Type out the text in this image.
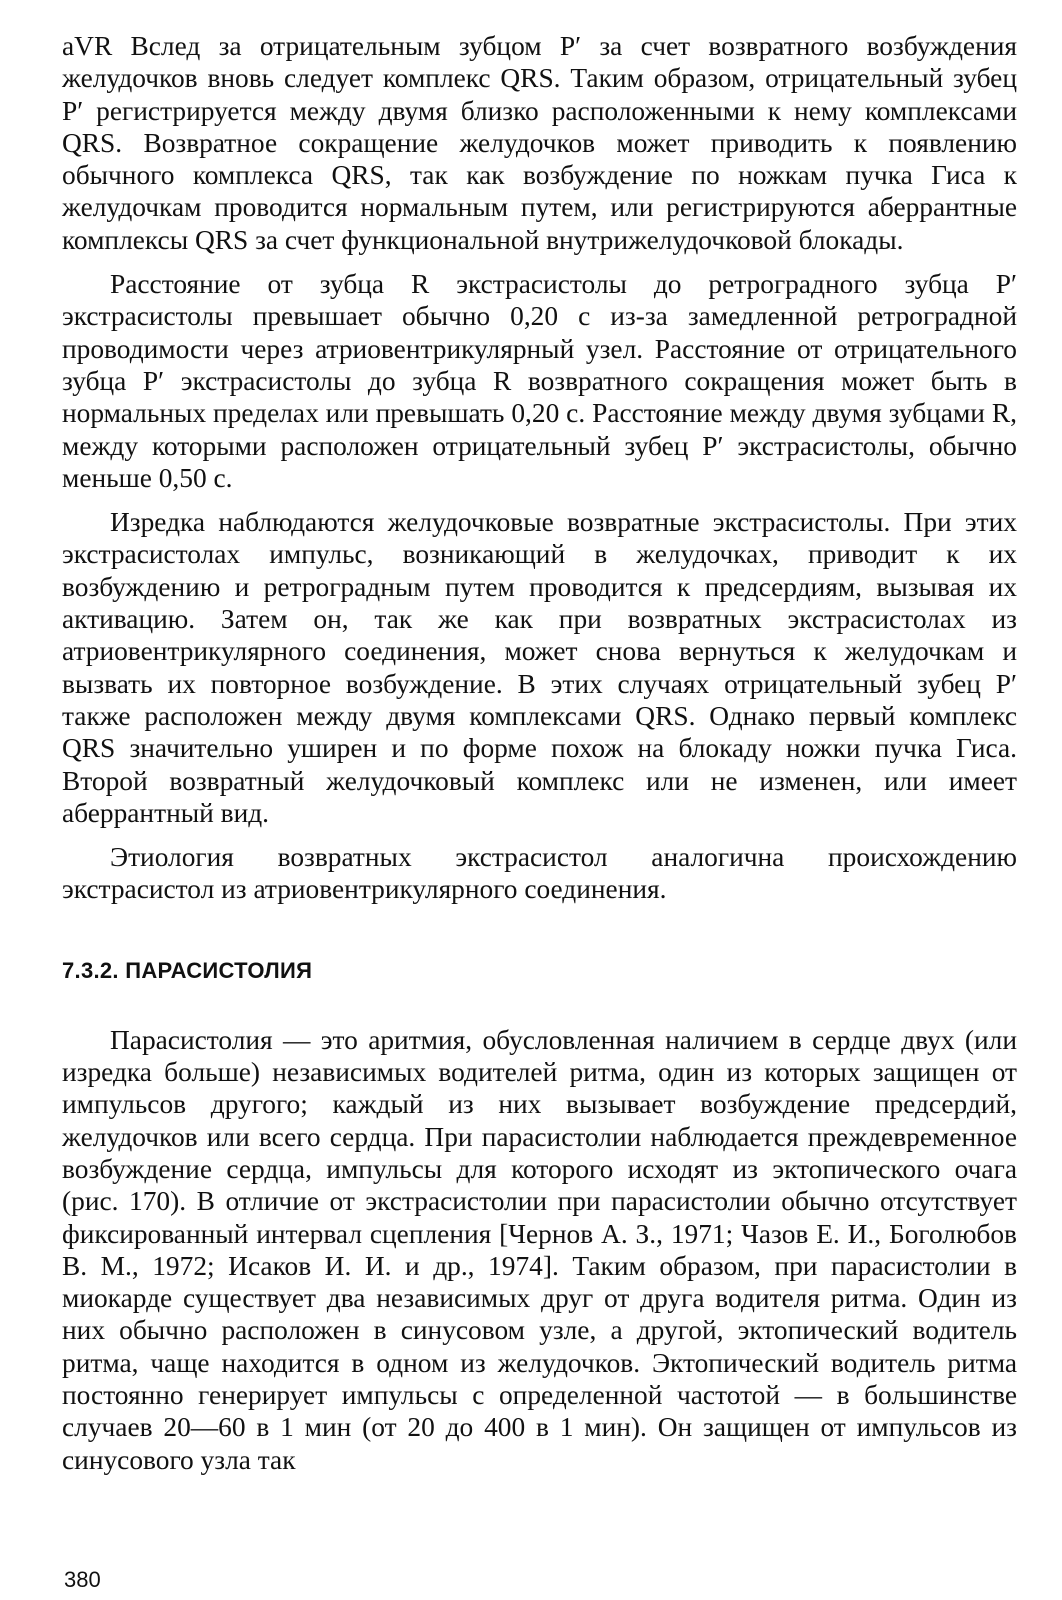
aVR Вслед за отрицательным зубцом P′ за счет возвратного возбуждения желудочков вновь следует комплекс QRS. Таким образом, отрицательный зубец P′ регистрируется между двумя близко расположенными к нему комплексами QRS. Возвратное сокращение желудочков может приводить к появлению обычного комплекса QRS, так как возбуждение по ножкам пучка Гиса к желудочкам проводится нормальным путем, или регистрируются аберрантные комплексы QRS за счет функциональной внутрижелудочковой блокады.

Расстояние от зубца R экстрасистолы до ретроградного зубца P′ экстрасистолы превышает обычно 0,20 с из-за замедленной ретроградной проводимости через атриовентрикулярный узел. Расстояние от отрицательного зубца P′ экстрасистолы до зубца R возвратного сокращения может быть в нормальных пределах или превышать 0,20 с. Расстояние между двумя зубцами R, между которыми расположен отрицательный зубец P′ экстрасистолы, обычно меньше 0,50 с.

Изредка наблюдаются желудочковые возвратные экстрасистолы. При этих экстрасистолах импульс, возникающий в желудочках, приводит к их возбуждению и ретроградным путем проводится к предсердиям, вызывая их активацию. Затем он, так же как при возвратных экстрасистолах из атриовентрикулярного соединения, может снова вернуться к желудочкам и вызвать их повторное возбуждение. В этих случаях отрицательный зубец P′ также расположен между двумя комплексами QRS. Однако первый комплекс QRS значительно уширен и по форме похож на блокаду ножки пучка Гиса. Второй возвратный желудочковый комплекс или не изменен, или имеет аберрантный вид.

Этиология возвратных экстрасистол аналогична происхождению экстрасистол из атриовентрикулярного соединения.

7.3.2. ПАРАСИСТОЛИЯ

Парасистолия — это аритмия, обусловленная наличием в сердце двух (или изредка больше) независимых водителей ритма, один из которых защищен от импульсов другого; каждый из них вызывает возбуждение предсердий, желудочков или всего сердца. При парасистолии наблюдается преждевременное возбуждение сердца, импульсы для которого исходят из эктопического очага (рис. 170). В отличие от экстрасистолии при парасистолии обычно отсутствует фиксированный интервал сцепления [Чернов А. З., 1971; Чазов Е. И., Боголюбов В. М., 1972; Исаков И. И. и др., 1974]. Таким образом, при парасистолии в миокарде существует два независимых друг от друга водителя ритма. Один из них обычно расположен в синусовом узле, а другой, эктопический водитель ритма, чаще находится в одном из желудочков. Эктопический водитель ритма постоянно генерирует импульсы с определенной частотой — в большинстве случаев 20—60 в 1 мин (от 20 до 400 в 1 мин). Он защищен от импульсов из синусового узла так

380
